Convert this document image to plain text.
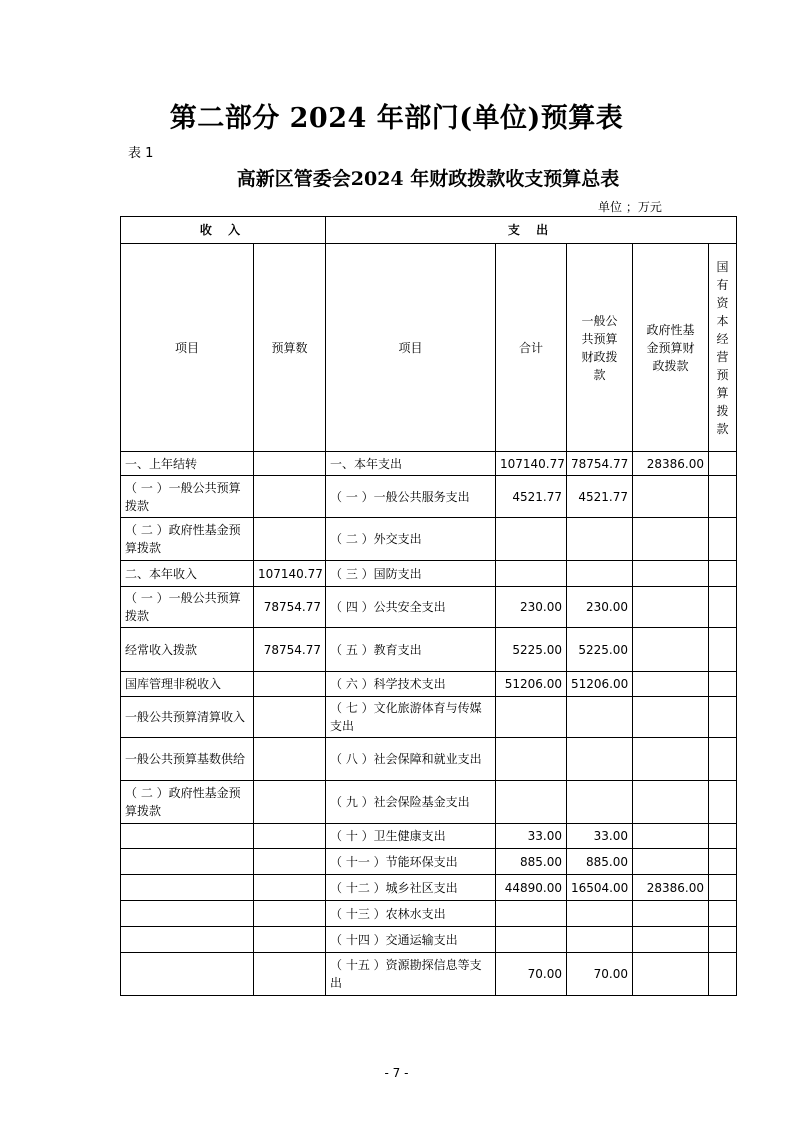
第二部分 2024 年部门(单位)预算表
表 1
高新区管委会2024 年财政拨款收支预算总表
单位 ；万元
收 入		支 出				
项目	预算数	项目	合计	一般公共预算财政拨款	政府性基金预算财政拨款	国有资本经营预算拨款

一、上年结转		一、本年支出	107140.77	78754.77	28386.00	
（ 一 ）一般公共预算拨款		（ 一 ）一般公共服务支出	4521.77	4521.77		
（ 二 ）政府性基金预算拨款		（ 二 ）外交支出				
二、本年收入	107140.77	（ 三 ）国防支出				
（ 一 ）一般公共预算拨款	78754.77	（ 四 ）公共安全支出	230.00	230.00		
经常收入拨款	78754.77	（ 五 ）教育支出	5225.00	5225.00		
国库管理非税收入		（ 六 ）科学技术支出	51206.00	51206.00		
一般公共预算清算收入		（ 七 ）文化旅游体育与传媒支出				
一般公共预算基数供给		（ 八 ）社会保障和就业支出				
（ 二 ）政府性基金预算拨款		（ 九 ）社会保险基金支出				
		（ 十 ）卫生健康支出	33.00	33.00		
		（ 十一 ）节能环保支出	885.00	885.00		
		（ 十二 ）城乡社区支出	44890.00	16504.00	28386.00	
		（ 十三 ）农林水支出				
		（ 十四 ）交通运输支出				
		（ 十五 ）资源勘探信息等支出	70.00	70.00		
- 7 -
